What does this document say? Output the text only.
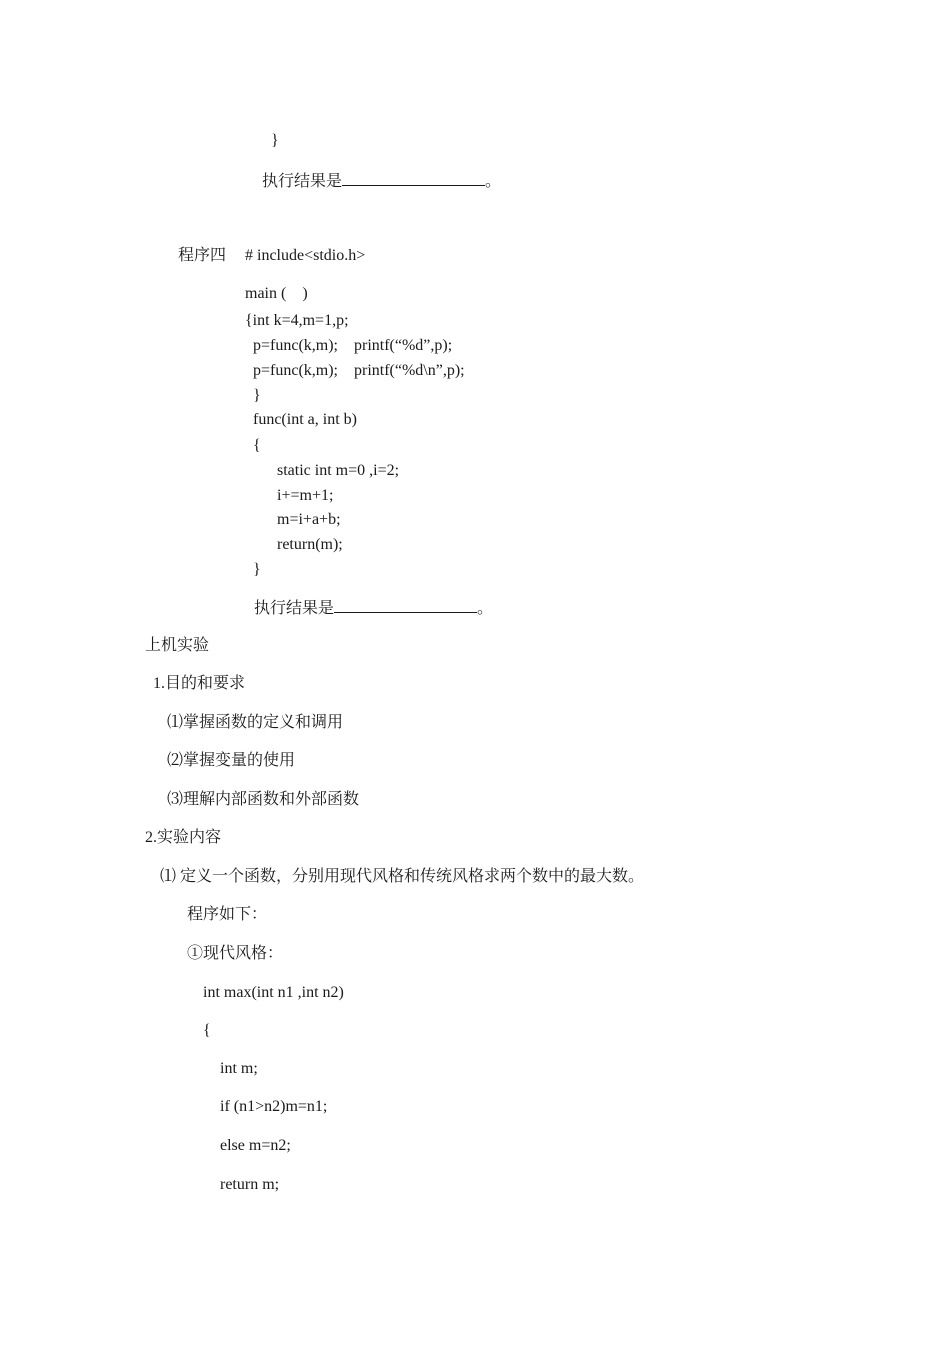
}
执行结果是	。
程序四 # include<stdio.h>
main (    )
{int k=4,m=1,p;
p=func(k,m);    printf(“%d”,p);
p=func(k,m);    printf(“%d\n”,p);
}
func(int a, int b)
{
static int m=0 ,i=2;
i+=m+1;
m=i+a+b;
return(m);
}
执行结果是	。
上机实验
1.目的和要求
⑴掌握函数的定义和调用
⑵掌握变量的使用
⑶理解内部函数和外部函数
2.实验内容
⑴ 定义一个函数，分别用现代风格和传统风格求两个数中的最大数。
程序如下：
①现代风格：
int max(int n1 ,int n2)
{
int m;
if (n1>n2)m=n1;
else m=n2;
return m;
